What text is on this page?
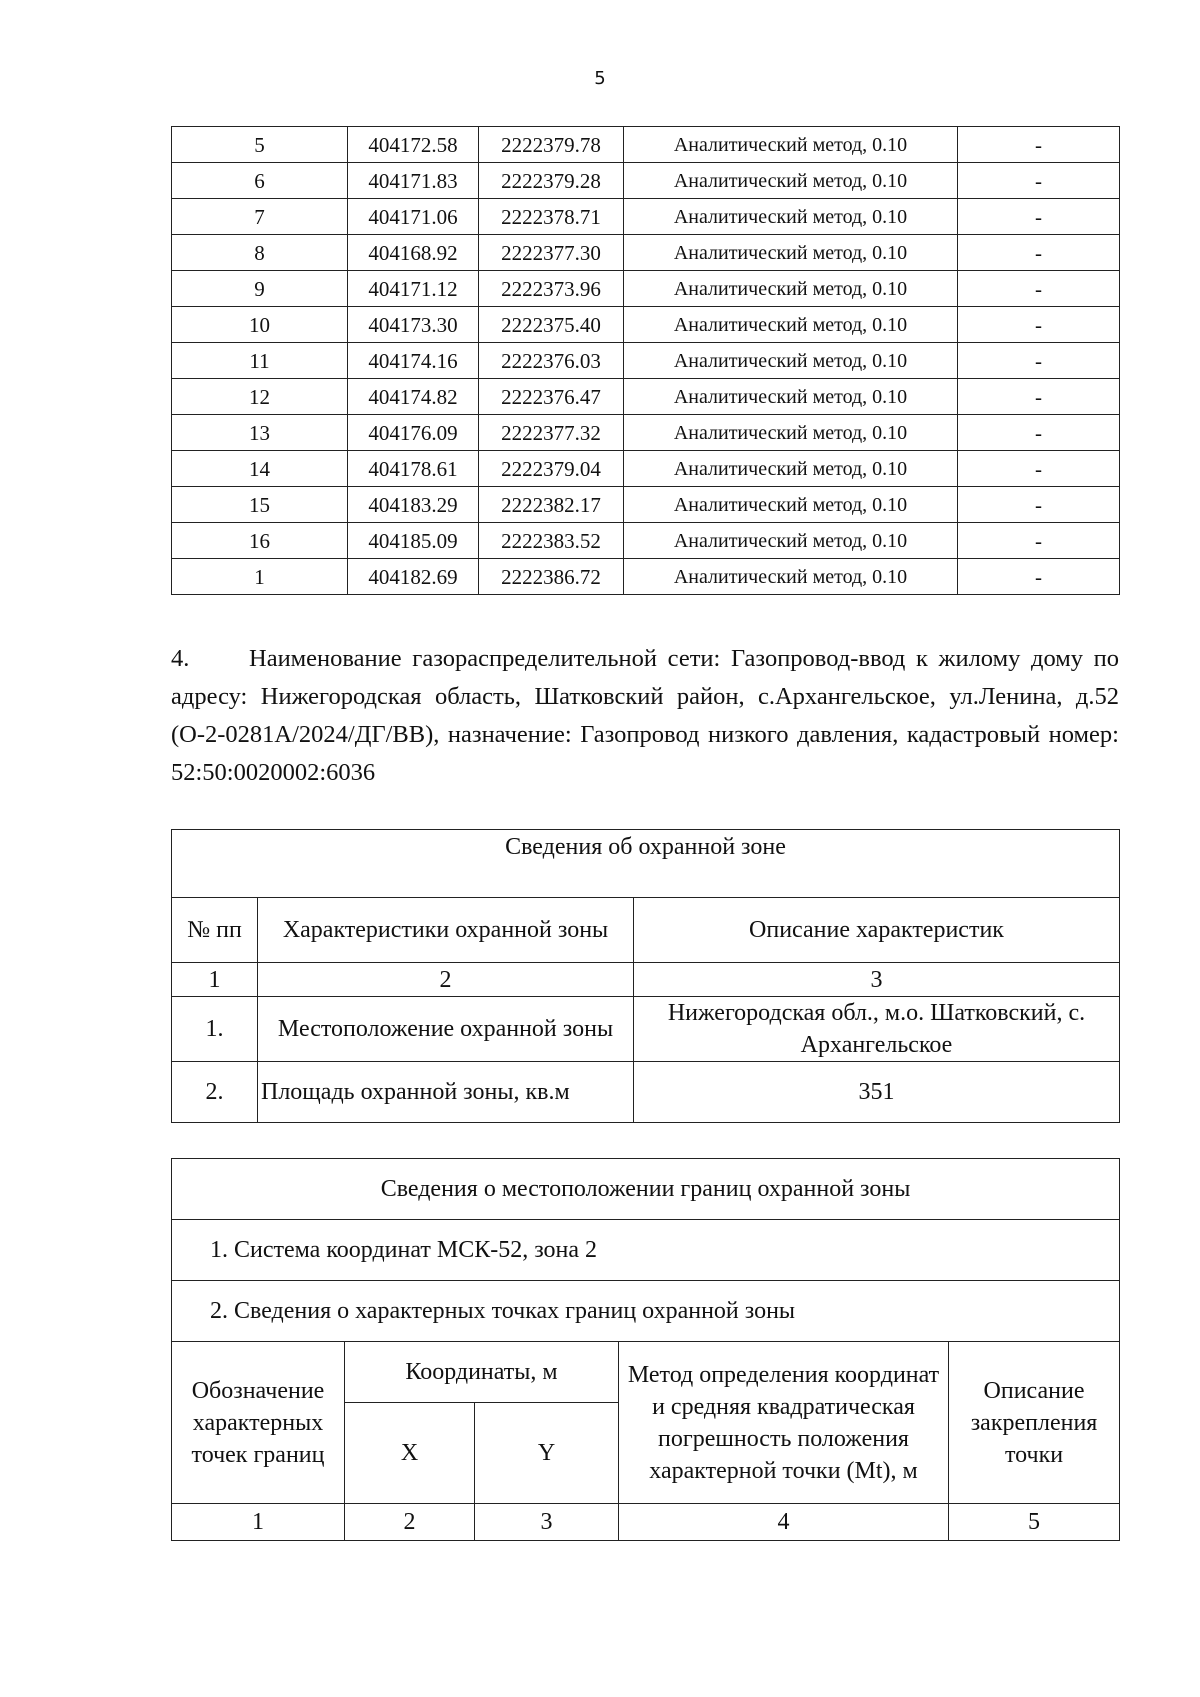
5
5	404172.58	2222379.78	Аналитический метод, 0.10	-
6	404171.83	2222379.28	Аналитический метод, 0.10	-
7	404171.06	2222378.71	Аналитический метод, 0.10	-
8	404168.92	2222377.30	Аналитический метод, 0.10	-
9	404171.12	2222373.96	Аналитический метод, 0.10	-
10	404173.30	2222375.40	Аналитический метод, 0.10	-
11	404174.16	2222376.03	Аналитический метод, 0.10	-
12	404174.82	2222376.47	Аналитический метод, 0.10	-
13	404176.09	2222377.32	Аналитический метод, 0.10	-
14	404178.61	2222379.04	Аналитический метод, 0.10	-
15	404183.29	2222382.17	Аналитический метод, 0.10	-
16	404185.09	2222383.52	Аналитический метод, 0.10	-
1	404182.69	2222386.72	Аналитический метод, 0.10	-
4. Наименование газораспределительной сети: Газопровод-ввод к жилому дому по адресу: Нижегородская область, Шатковский район, с.Архангельское, ул.Ленина, д.52 (О-2-0281А/2024/ДГ/ВВ), назначение: Газопровод низкого давления, кадастровый номер: 52:50:0020002:6036
Сведения об охранной зоне		
№ пп	Характеристики охранной зоны	Описание характеристик
1	2	3
1.	Местоположение охранной зоны	Нижегородская обл., м.о. Шатковский, с. Архангельское
2.	Площадь охранной зоны, кв.м	351
Сведения о местоположении границ охранной зоны				
1. Система координат МСК-52, зона 2				
2. Сведения о характерных точках границ охранной зоны				
Обозначение характерных точек границ	Координаты, м		Метод определения координат и средняя квадратическая погрешность положения характерной точки (Mt), м	Описание закрепления точки
	X	Y		
1	2	3	4	5
